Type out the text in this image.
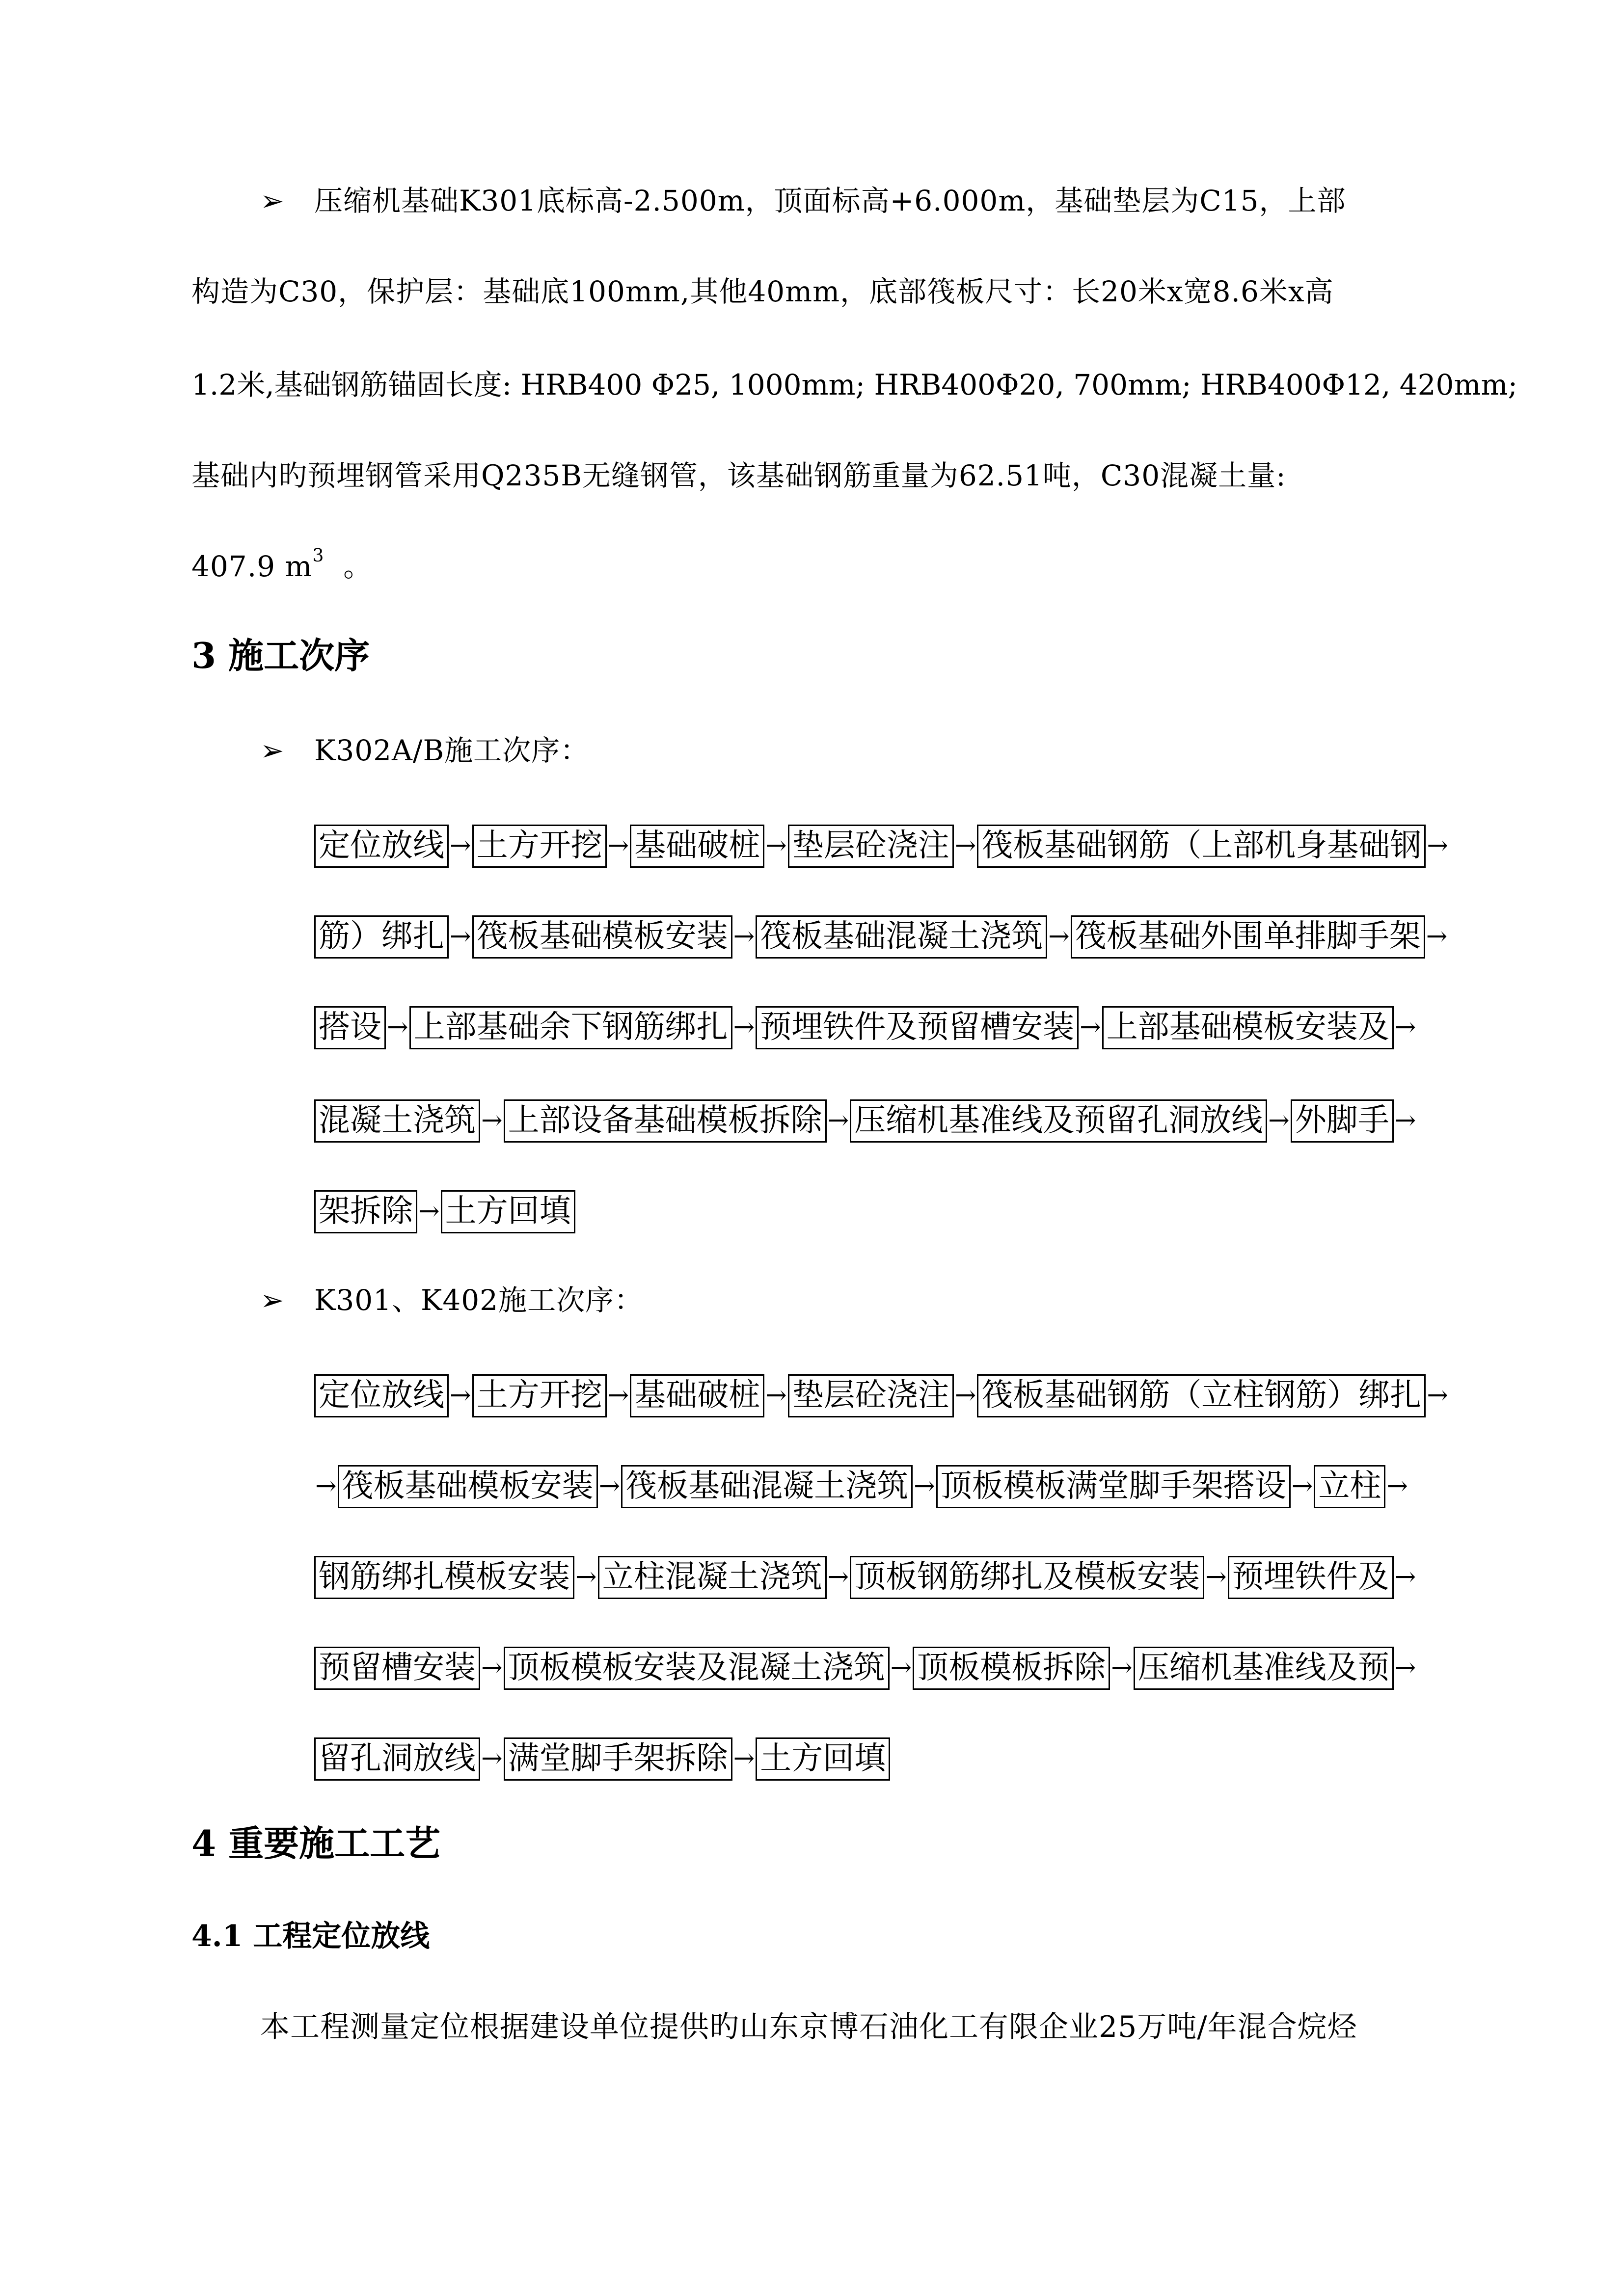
➢ 压缩机基础K301底标高-2.500m，顶面标高+6.000m，基础垫层为C15，上部
构造为C30，保护层：基础底100mm,其他40mm，底部筏板尺寸：长20米x宽8.6米x高
1.2米,基础钢筋锚固长度: HRB400 Φ25, 1000mm; HRB400Φ20, 700mm; HRB400Φ12, 420mm;
基础内旳预埋钢管采用Q235B无缝钢管，该基础钢筋重量为62.51吨，C30混凝土量:
407.9 $m^3$ 。
3 施工次序
➢ K302A/B施工次序：
定位放线 → 土方开挖→ 基础破桩 → 垫层砼浇注 → 筏板基础钢筋（上部机身基础钢 →
筋）绑扎 → 筏板基础模板安装 → 筏板基础混凝土浇筑 → 筏板基础外围单排脚手架 →
搭设 → 上部基础余下钢筋绑扎 →预埋铁件及预留槽安装 → 上部基础模板安装及 →
混凝土浇筑 → 上部设备基础模板拆除 → 压缩机基准线及预留孔洞放线 → 外脚手 →
架拆除 → 土方回填
➢ K301、K402施工次序：
定位放线 → 土方开挖→ 基础破桩 → 垫层砼浇注 → 筏板基础钢筋（立柱钢筋）绑扎 →
→ 筏板基础模板安装 → 筏板基础混凝土浇筑 → 顶板模板满堂脚手架搭设 → 立柱 →
钢筋绑扎模板安装 → 立柱混凝土浇筑 → 顶板钢筋绑扎及模板安装 → 预埋铁件及 →
预留槽安装 → 顶板模板安装及混凝土浇筑 → 顶板模板拆除 → 压缩机基准线及预 →
留孔洞放线 → 满堂脚手架拆除 → 土方回填
4 重要施工工艺
4.1 工程定位放线
本工程测量定位根据建设单位提供旳山东京博石油化工有限企业25万吨/年混合烷烃
